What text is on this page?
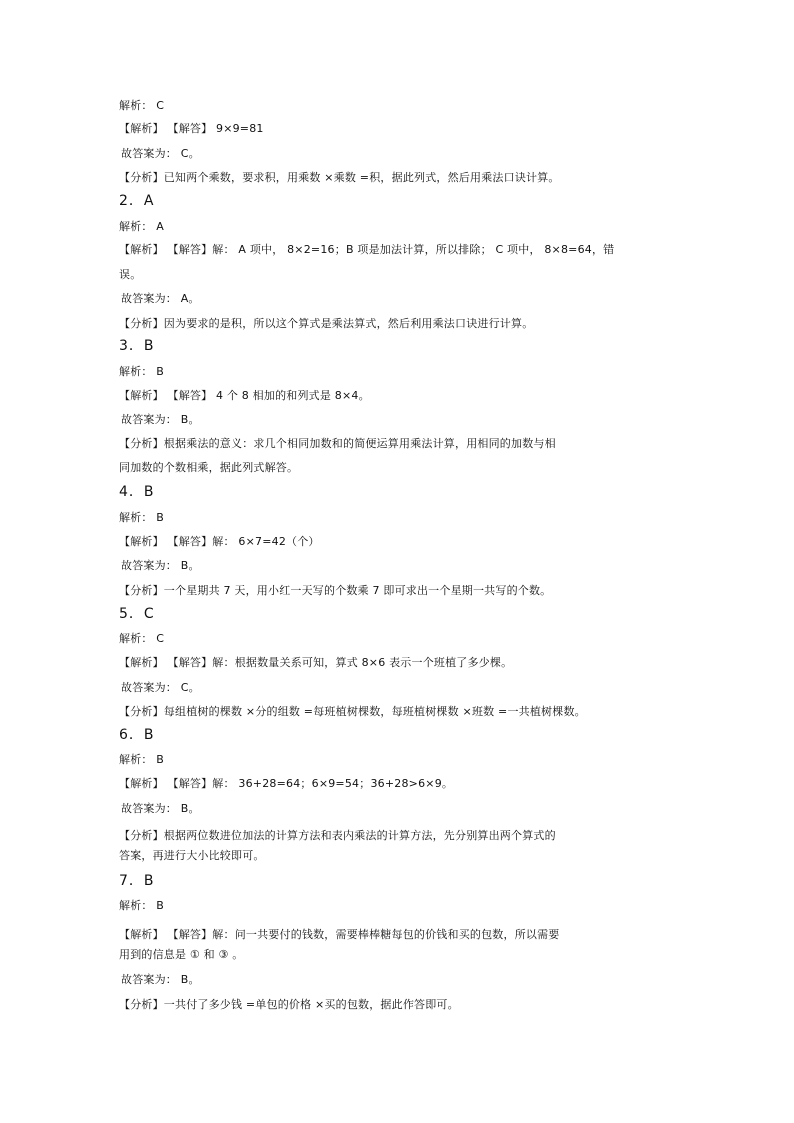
解析： C
【解析】 【解答】 9×9=81
故答案为： C。
【分析】已知两个乘数，要求积，用乘数 ×乘数 =积，据此列式，然后用乘法口诀计算。
2．A
解析： A
【解析】 【解答】解： A 项中， 8×2=16；B 项是加法计算，所以排除； C 项中， 8×8=64，错
误。
故答案为： A。
【分析】因为要求的是积，所以这个算式是乘法算式，然后利用乘法口诀进行计算。
3．B
解析： B
【解析】 【解答】 4 个 8 相加的和列式是 8×4。
故答案为： B。
【分析】根据乘法的意义：求几个相同加数和的简便运算用乘法计算，用相同的加数与相
同加数的个数相乘，据此列式解答。
4．B
解析： B
【解析】 【解答】解： 6×7=42（个）
故答案为： B。
【分析】一个星期共 7 天，用小红一天写的个数乘 7 即可求出一个星期一共写的个数。
5．C
解析： C
【解析】 【解答】解：根据数量关系可知，算式 8×6 表示一个班植了多少棵。
故答案为： C。
【分析】每组植树的棵数 ×分的组数 =每班植树棵数，每班植树棵数 ×班数 =一共植树棵数。
6．B
解析： B
【解析】 【解答】解： 36+28=64；6×9=54；36+28>6×9。
故答案为： B。
【分析】根据两位数进位加法的计算方法和表内乘法的计算方法，先分别算出两个算式的
答案，再进行大小比较即可。
7．B
解析： B
【解析】 【解答】解：问一共要付的钱数，需要棒棒糖每包的价钱和买的包数，所以需要
用到的信息是 ① 和 ③ 。
故答案为： B。
【分析】一共付了多少钱 =单包的价格 ×买的包数，据此作答即可。
